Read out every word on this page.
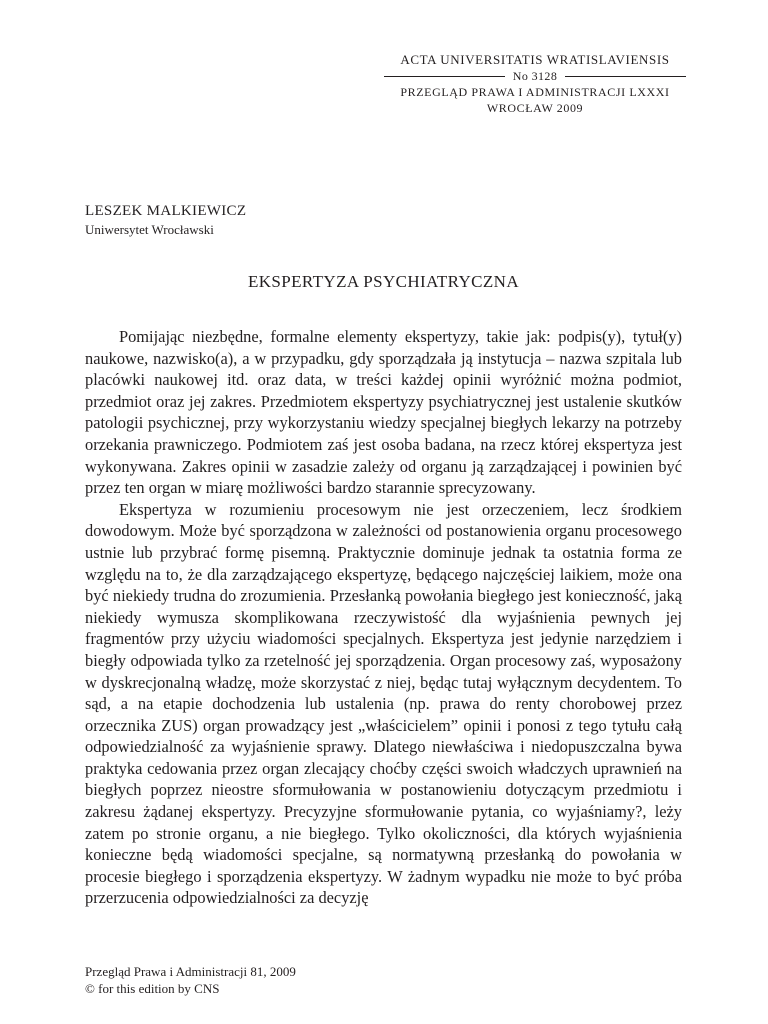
ACTA UNIVERSITATIS WRATISLAVIENSIS
No 3128
PRZEGLĄD PRAWA I ADMINISTRACJI LXXXI
WROCŁAW 2009
LESZEK MALKIEWICZ
Uniwersytet Wrocławski
EKSPERTYZA PSYCHIATRYCZNA

Pomijając niezbędne, formalne elementy ekspertyzy, takie jak: podpis(y), tytuł(y) naukowe, nazwisko(a), a w przypadku, gdy sporządzała ją instytucja – nazwa szpitala lub placówki naukowej itd. oraz data, w treści każdej opinii wyróżnić można podmiot, przedmiot oraz jej zakres. Przedmiotem ekspertyzy psychiatrycznej jest ustalenie skutków patologii psychicznej, przy wykorzystaniu wiedzy specjalnej biegłych lekarzy na potrzeby orzekania prawniczego. Podmiotem zaś jest osoba badana, na rzecz której ekspertyza jest wykonywana. Zakres opinii w zasadzie zależy od organu ją zarządzającej i powinien być przez ten organ w miarę możliwości bardzo starannie sprecyzowany.

Ekspertyza w rozumieniu procesowym nie jest orzeczeniem, lecz środkiem dowodowym. Może być sporządzona w zależności od postanowienia organu procesowego ustnie lub przybrać formę pisemną. Praktycznie dominuje jednak ta ostatnia forma ze względu na to, że dla zarządzającego ekspertyzę, będącego najczęściej laikiem, może ona być niekiedy trudna do zrozumienia. Przesłanką powołania biegłego jest konieczność, jaką niekiedy wymusza skomplikowana rzeczywistość dla wyjaśnienia pewnych jej fragmentów przy użyciu wiadomości specjalnych. Ekspertyza jest jedynie narzędziem i biegły odpowiada tylko za rzetelność jej sporządzenia. Organ procesowy zaś, wyposażony w dyskrecjonalną władzę, może skorzystać z niej, będąc tutaj wyłącznym decydentem. To sąd, a na etapie dochodzenia lub ustalenia (np. prawa do renty chorobowej przez orzecznika ZUS) organ prowadzący jest „właścicielem” opinii i ponosi z tego tytułu całą odpowiedzialność za wyjaśnienie sprawy. Dlatego niewłaściwa i niedopuszczalna bywa praktyka cedowania przez organ zlecający choćby części swoich władczych uprawnień na biegłych poprzez nieostre sformułowania w postanowieniu dotyczącym przedmiotu i zakresu żądanej ekspertyzy. Precyzyjne sformułowanie pytania, co wyjaśniamy?, leży zatem po stronie organu, a nie biegłego. Tylko okoliczności, dla których wyjaśnienia konieczne będą wiadomości specjalne, są normatywną przesłanką do powołania w procesie biegłego i sporządzenia ekspertyzy. W żadnym wypadku nie może to być próba przerzucenia odpowiedzialności za decyzję

Przegląd Prawa i Administracji 81, 2009
© for this edition by CNS
